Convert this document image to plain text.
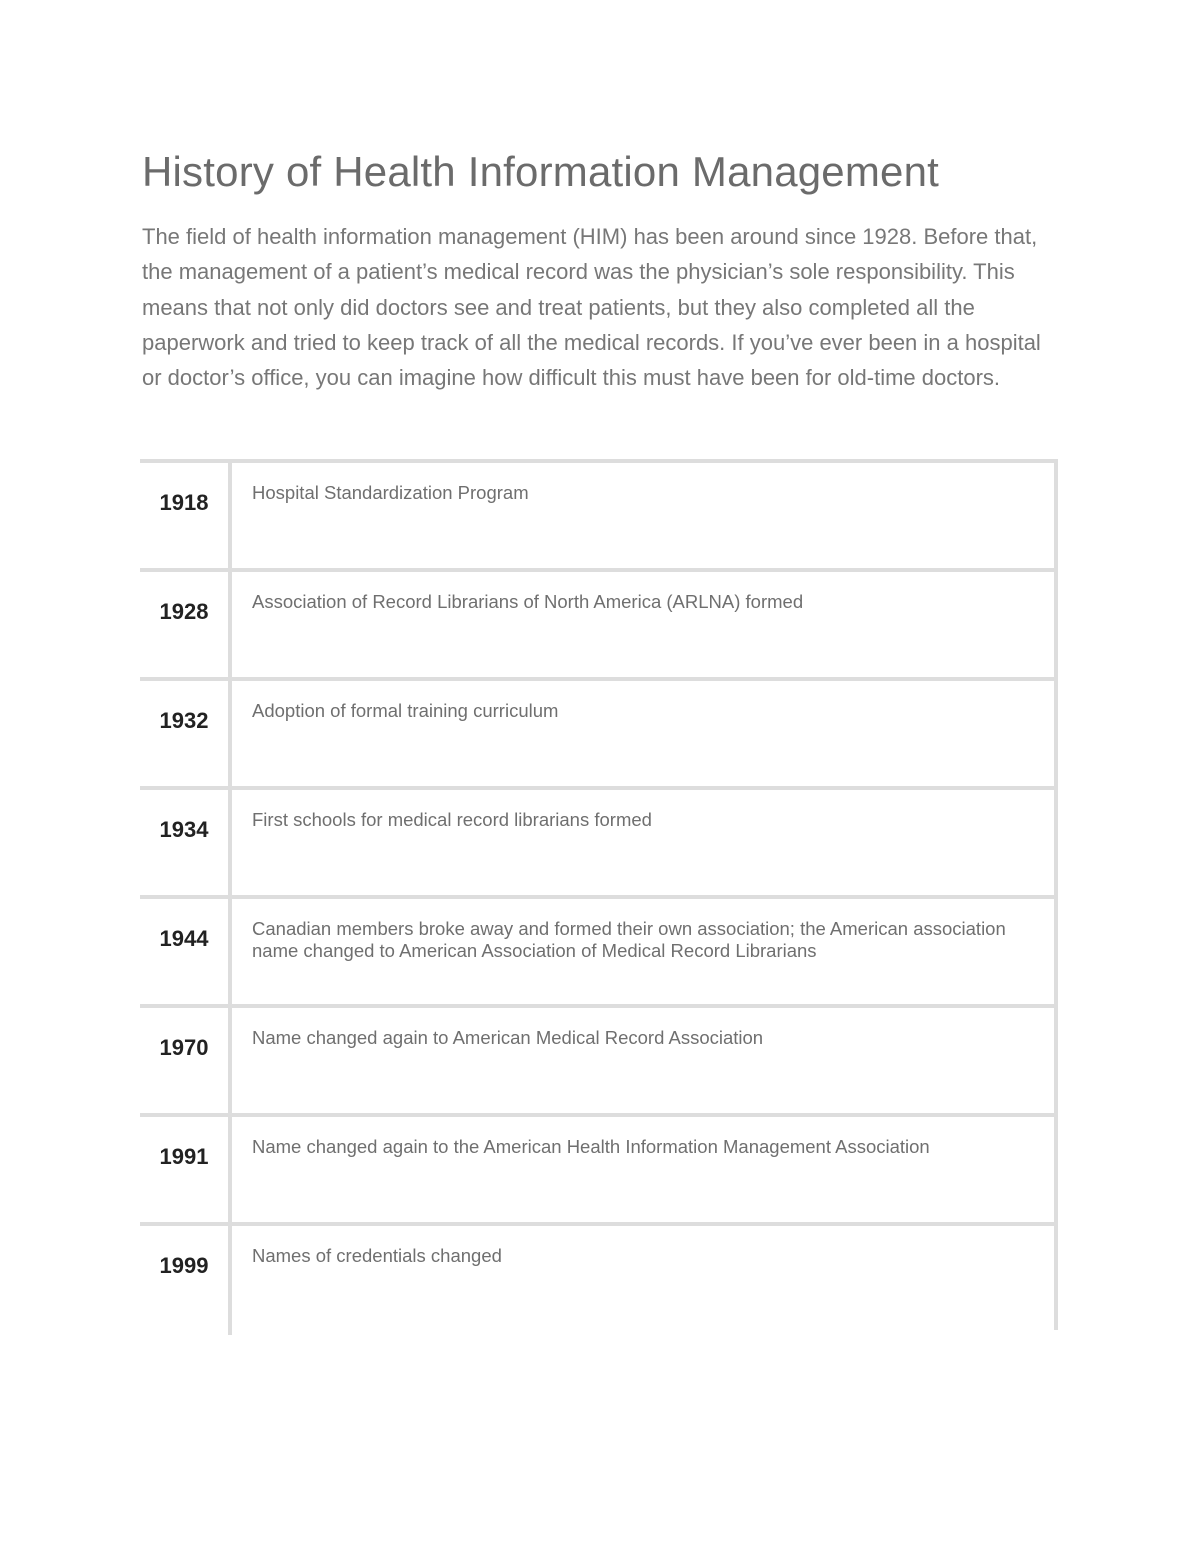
History of Health Information Management

The field of health information management (HIM) has been around since 1928. Before that, the management of a patient’s medical record was the physician’s sole responsibility. This means that not only did doctors see and treat patients, but they also completed all the paperwork and tried to keep track of all the medical records. If you’ve ever been in a hospital or doctor’s office, you can imagine how difficult this must have been for old-time doctors.

1918	Hospital Standardization Program

1928	Association of Record Librarians of North America (ARLNA) formed

1932	Adoption of formal training curriculum

1934	First schools for medical record librarians formed

1944	Canadian members broke away and formed their own association; the American association name changed to American Association of Medical Record Librarians

1970	Name changed again to American Medical Record Association

1991	Name changed again to the American Health Information Management Association

1999	Names of credentials changed
